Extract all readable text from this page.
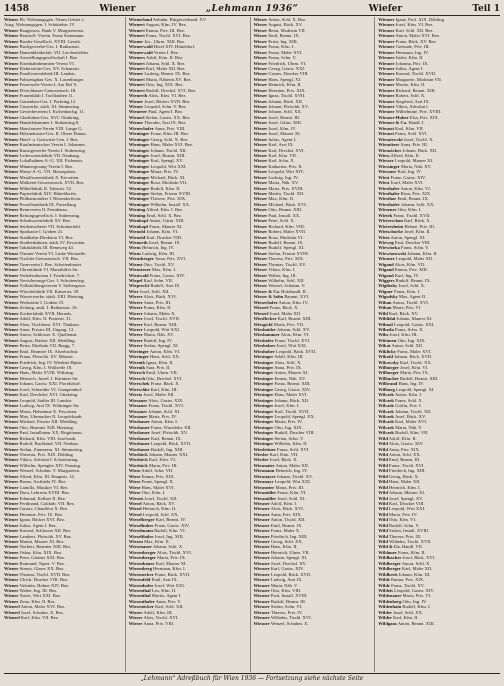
1458	Wiener	„Lehmann 1936“	Wiefer	Teil 1
Wiener Eb. Wohnungsgen. Neues Gebiet v.
Ausg. Wohnungsgen. I. Schüttelstr. IV.
Wiener Baugenoss. Bank V. Margaretenstr.
Wiener Baustoff.-Verein. Franz Steinmann
Wiener Bruder-Gesellsch. XVIII. Gersth.
Wiener Buchgewerbe-Ges. I. Rathausstr.
Wiener Damenkleiderfab. VII. Lerchenfelder
Wiener Ausstellungsgesellschaft I. Bez.
Wiener Eisenbahnbeamten-Verein VI.
Wiener Elektrizitäts-Ges. XV. Schanzstr.
Wiener Emailwarenfabrik III. Landstr.
Wiener Fahrzeugbau-Ges. X. Laxenburger.
Wiener Feuerwehr-Verein I. Am Hof 9.
Wiener Fleischhauer-Genossensch. III.
Wiener Frauenklub I. Tuchlauben 11.
Wiener Gartenbau-Ges. I. Parkring 12.
Wiener Gaswerke, städt. XI. Simmering.
Wiener Gewerbeverein I. Eschenbachg. 11.
Wiener Glashütten-Ges. XVI. Ottakring.
Wiener Handelskammer I. Stubenring 8.
Wiener Hausfrauen-Verein VIII. Lange G.
Wiener Holzindustrie-Ges. II. Obere Donau.
Wiener Hotel- u. Gastwirte-Gen. I. Bez.
Wiener Kaufmännischer Verein I. Johannes.
Wiener Kunstgewerbe-Verein I. Stubenring.
Wiener Lederwarenfabrik VII. Neubaug.
Wiener Lokalbahnen A.-G. XII. Eichenstr.
Wiener Männergesang-Verein I. Bez.
Wiener Messe A.-G. VII. Messepalast.
Wiener Metallwarenfabrik X. Favoriten.
Wiener Molkerei-Genossensch. XVII. Bez.
Wiener Möbelfabrik II. Taborstr. 52.
Wiener Papierfabrik XIV. Hütteldorfer.
Wiener Philharmoniker I. Bösendorferstr.
Wiener Porzellanfabrik IX. Porzellang.
Wiener Rennverein II. Freudenau.
Wiener Rettungsgesellsch. I. Stubenring.
Wiener Schuhwarenfabrik XV. Bez.
Wiener Seidenweberei VII. Schottenfeld.
Wiener Sparkasse I. Graben 21.
Wiener Stadtbahn-Direktion VI. Bez.
Wiener Straßenbahnen, städt. IV. Favoriten.
Wiener Tabakfabrik III. Rennweg 44.
Wiener Theater-Verein VI. Linke Wienzeile.
Wiener Tischler-Genossensch. VII. Bez.
Wiener Turnverein I. Bez. Schottenbastei.
Wiener Uhrenfabrik VI. Mariahilfer Str.
Wiener Verkehrsbureau I. Friedrichstr. 7.
Wiener Versicherungs-Ges. I. Schottenring.
Wiener Volksbildungsverein V. Stöbergasse.
Wiener Wäschefabrik VII. Kaiserstr. 38.
Wiener Wasserwerke, städt. XIII. Hietzing.
Wiener Werkstätte I. Graben 15.
Wiener Zeitung, amtl. I. Rathausstr. 16.
Wiener Zuckerfabrik XVII. Hernals.
Wiener Adolf, Kfm. II. Praterstr. 31.
Wiener Alois, Tischlerm. XVI. Thaliastr.
Wiener Anna, Private III. Ungarg. 12.
Wiener Anton, Schlosser X. Quellenstr.
Wiener August, Bäcker XII. Meidling.
Wiener Berta, Modistin VII. Burgg. 7.
Wiener Emil, Beamter IX. Alserbachstr.
Wiener Franz, Fleischh. XV. Märzstr.
Wiener Friedrich, Ing. IV. Wiedner Hptstr.
Wiener Georg, Kfm. I. Wollzeile 18.
Wiener Hans, Maler XVIII. Währing.
Wiener Heinrich, Juwel. I. Kärntner Str.
Wiener Johann, Gastw. XXI. Floridsdorf.
Wiener Josef, Schneider VI. Gumpendorf.
Wiener Karl, Drechsler XVI. Ottakring.
Wiener Leopold, Sattler III. Landstr.
Wiener Ludwig, Arzt IX. Währinger Str.
Wiener Maria, Hebamme X. Favoriten.
Wiener Max, Uhrmacher II. Leopoldstadt.
Wiener Michael, Friseur XII. Meidling.
Wiener Otto, Beamter XIII. Hietzing.
Wiener Paul, Installateur XX. Brigittenau.
Wiener Richard, Kfm. VIII. Josefstadt.
Wiener Rudolf, Buchbind. VII. Neubau.
Wiener Stefan, Zimmerm. XI. Simmering.
Wiener Theresia, Priv. XIX. Döbling.
Wiener Viktor, Advokat I. Schottenring.
Wiener Wilhelm, Spengler XIV. Penzing.
Wiener Wenzel, Schuhm. V. Margareten.
Wiener Alfred, Kfm. III. Hauptstr. 14.
Wiener Bruno, Architekt IV. Bez.
Wiener Camillo, Musiker VI. Bez.
Wiener Dora, Lehrerin XVIII. Bez.
Wiener Edmund, Kellner II. Bez.
Wiener Ferdinand, Goldarb. VII. Bez.
Wiener Gustav, Chauffeur X. Bez.
Wiener Hermine, Priv. IX. Bez.
Wiener Ignaz, Bäcker XVI. Bez.
Wiener Julius, Agent I. Bez.
Wiener Konrad, Schlosser XII. Bez.
Wiener Lambert, Fleischh. XV. Bez.
Wiener Martin, Maurer XI. Bez.
Wiener Norbert, Beamter XIII. Bez.
Wiener Oskar, Kfm. XIX. Bez.
Wiener Peter, Gärtner XXI. Bez.
Wiener Raimund, Tapez. V. Bez.
Wiener Simon, Glaser XX. Bez.
Wiener Thomas, Tischl. XVII. Bez.
Wiener Ulrich, Drucker VIII. Bez.
Wiener Valentin, Hafner XIV. Bez.
Wiener Walter, Ing. III. Bez.
Wiener Xaver, Wirt XXI. Bez.
Wiener Zeno, Kfm. II. Bez.
Wienerl Anton, Maler XVI. Bez.
Wienerl Josef, Schuhm. X. Bez.
Wienerl Karl, Kfm. VII. Bez.
Wienerland Anbahn. Bürgerverband. XV.
Wienert August, Kfm. IV. Bez.
Wienert Emma, Priv. III. Bez.
Wienert Franz, Tischl. XVI. Bez.
Wiener Jos., Uhrm. XIII. Bez.
Wienerwald Hotel XIV. Hütteldorf.
Wienerwald Verein I. Bez.
Wieners Adolf, Kfm. II. Bez.
Wienert Johann, Schl. X. Bez.
Wienert Karl, Maler XII. Bez.
Wiener Ludwig, Beamt. IX. Bez.
Wienert Maria, Näherin XV. Bez.
Wienert Otto, Ing. XIX. Bez.
Wienert Rudolf, Drechsl. XVI. Bez.
Wienerth Alois, Kfm. VI. Bez.
Wiener Josef, Bäcker XVII. Bez.
Wiener Leopold, Schn. V. Bez.
Wienerer Paul, Agent I. Bez.
Wienerl Stefan, Gastw. XX. Bez.
Wiener Theodor, Arzt IX. Bez.
Wienerhofer Anna, Priv. VIII.
Wieninger Franz, Kfm. III. Bez.
Wieninger Georg, Schl. X. Bez.
Wieninger Hans, Maler XVI. Bez.
Wieninger Johann, Tischl. XII.
Wieninger Josef, Beamt. XIII.
Wieninger Karl, Spengl. XV.
Wieninger Leopold, Wirt XXI.
Wieninger Maria, Priv. IV.
Wieninger Michael, Bäck. XI.
Wieninger Rosa, Modistin VII.
Wieninger Rudolf, Kfm. II.
Wieninger Stefan, Friseur XVIII.
Wieninger Therese, Priv. XIX.
Wieninger Wilhelm, Install. XX.
Wiening Alfred, Kfm. I. Bez.
Wiening Emil, Schl. X. Bez.
Wienkopf Anton, Gärtn. XIII.
Wienkopf Franz, Maurer XI.
Wienold Johann, Kfm. VI.
Wienold Karl, Drucker VIII.
Wienorth Josef, Beamt. IX.
Wiens Heinrich, Ing. IV.
Wiens Ludwig, Kfm. III.
Wiensberger Anna, Priv. XVI.
Wienst Otto, Tischl. XV.
Wienstroer Max, Kfm. I.
Wienwald Franz, Gastw. XIV.
Wiepel Karl, Schn. VII.
Wieprecht Rudolf, Arzt IX.
Wier Josef, Schl. XII.
Wierer Alois, Bäck. XVI.
Wierer Anna, Priv. III.
Wierer Franz, Kfm. II.
Wierer Johann, Maler X.
Wierer Josef, Tischl. XVII.
Wierer Karl, Beamt. XIII.
Wierer Leopold, Wirt XXI.
Wierer Maria, Näh. XV.
Wierer Rudolf, Ing. IV.
Wierer Stefan, Spengl. XI.
Wieringer Anton, Kfm. VI.
Wieringer Hans, Schl. XX.
Wiernik Ignaz, Kfm. II.
Wiernik Sara, Priv. II.
Wiersch Emil, Uhrm. VII.
Wiersch Otto, Drechsl. XVI.
Wierschek Franz, Bäck. X.
Wierschke Karl, Kfm. III.
Wiertz Josef, Maler XII.
Wiesauer Alois, Gastw. XIX.
Wiesauer Franz, Tischl. XVI.
Wiesauer Johann, Schl. XI.
Wiesauer Maria, Priv. IV.
Wiesbauer Anton, Kfm. I.
Wiesbauer Franz, Wurstfabr. XII.
Wiesbauer Josef, Fleischh. XV.
Wiesbauer Karl, Beamt. IX.
Wiesbauer Leopold, Bäck. XVII.
Wiesbauer Rudolf, Ing. XIII.
Wiesböck Johann, Maurer XXI.
Wiesböck Karl, Kfm. VI.
Wiesböck Maria, Priv. III.
Wiese Adolf, Schn. VII.
Wiese Emma, Priv. XIX.
Wiese Franz, Spengl. X.
Wiese Hans, Maler XVI.
Wiese Otto, Kfm. I.
Wieseis Josef, Tischl. XII.
Wiesel Anton, Bäck. XV.
Wiesel Heinrich, Kfm. II.
Wiesel Leopold, Schl. XX.
Wieselberger Karl, Beamt. IV.
Wieselhuber Franz, Gastw. XIV.
Wieselmann Rudolf, Kfm. VI.
Wieselthaler Josef, Ing. XIII.
Wiesen Max, Kfm. II.
Wiesenauer Johann, Schl. X.
Wiesenberger Alois, Tischl. XVI.
Wiesenberger Maria, Priv. IX.
Wiesenbauer Karl, Maurer XI.
Wiesenberg Hermann, Kfm. I.
Wiesenecker Franz, Bäck. XVII.
Wiesenfeld Emil, Arzt IX.
Wiesenhofer Josef, Wirt XXI.
Wiesenthal Leo, Kfm. II.
Wiesenthal Moritz, Agent I.
Wiesenthaler Anna, Priv. V.
Wiesenöcker Karl, Schl. XII.
Wieser Adolf, Kfm. III.
Wieser Alois, Tischl. XVI.
Wieser Anna, Priv. VIII.
Wieser Anton, Schl. X. Bez.
Wieser August, Bäck. XV.
Wieser Berta, Modistin VII.
Wieser Emil, Beamt. IX.
Wieser Ernst, Ing. XIII.
Wieser Franz, Kfm. I.
Wieser Franz, Maler XVI.
Wieser Franz, Schn. V.
Wieser Friedrich, Uhrm. VI.
Wieser Georg, Gastw. XXI.
Wieser Gustav, Drucker VIII.
Wieser Hans, Spengl. XI.
Wieser Heinrich, Kfm. II.
Wieser Hermine, Priv. XIX.
Wieser Ignaz, Tischl. XVII.
Wieser Johann, Bäck. XII.
Wieser Johann, Fleischh. XV.
Wieser Johann, Schl. XX.
Wieser Josef, Beamt. III.
Wieser Josef, Gärtn. XIII.
Wieser Josef, Kfm. IV.
Wieser Josef, Maurer XI.
Wieser Julius, Agent I.
Wieser Karl, Arzt IX.
Wieser Karl, Drechsl. XVI.
Wieser Karl, Kfm. VII.
Wieser Karl, Schn. X.
Wieser Katharina, Priv. II.
Wieser Leopold, Wirt XIV.
Wieser Ludwig, Ing. IV.
Wieser Maria, Näh. XV.
Wieser Maria, Priv. XVIII.
Wieser Martin, Tischl. XII.
Wieser Max, Kfm. II.
Wieser Michael, Bäck. XVI.
Wieser Otto, Beamt. XIII.
Wieser Paul, Install. XX.
Wieser Peter, Schl. X.
Wieser Richard, Kfm. VIII.
Wieser Robert, Maler XVII.
Wieser Rosa, Modistin VI.
Wieser Rudolf, Beamt. IX.
Wieser Rudolf, Spengl. XI.
Wieser Stefan, Friseur XVIII.
Wieser Therese, Priv. XIX.
Wieser Thomas, Tischl. XV.
Wieser Viktor, Kfm. I.
Wieser Walter, Ing. III.
Wieser Wilhelm, Schl. XII.
Wieser Wenzel, Schuhm. V.
Wieser & Co. Holzhandl. II.
Wieser & Sohn Bauunt. XVI.
Wieserhofer Anton, Kfm. IV.
Wieserl Franz, Bäck. X.
Wieserl Josef, Maler XII.
Wiesflecker Karl, Beamt. XIII.
Wiesgickl Maria, Priv. VII.
Wieshaider Johann, Schl. XV.
Wieshammer Alois, Kfm. VI.
Wieshofer Franz, Tischl. XVI.
Wiesholzer Josef, Wirt XXI.
Wieshuber Leopold, Bäck. XVII.
Wiesinger Adolf, Kfm. III.
Wiesinger Alois, Schl. X.
Wiesinger Anna, Priv. IX.
Wiesinger Anton, Maurer XI.
Wiesinger Emma, Näh. XV.
Wiesinger Franz, Beamt. XIII.
Wiesinger Georg, Gastw. XIV.
Wiesinger Hans, Maler XVI.
Wiesinger Johann, Bäck. XII.
Wiesinger Josef, Kfm. I.
Wiesinger Karl, Tischl. XVII.
Wiesinger Leopold, Spengl. XX.
Wiesinger Maria, Priv. IV.
Wiesinger Otto, Ing. XIX.
Wiesinger Rudolf, Drucker VIII.
Wiesinger Stefan, Schn. V.
Wiesinger Wilhelm, Kfm. II.
Wiesleitner Franz, Schl. XVI.
Wiesler Karl, Kfm. VII.
Wiesler Josef, Bäck. X.
Wiesmaier Anton, Maler XII.
Wiesmann Heinrich, Ing. IV.
Wiesmayer Johann, Tischl. XV.
Wiesmayr Leopold, Wirt XXI.
Wiesmeier Maria, Priv. III.
Wiesmüller Franz, Kfm. VI.
Wiesmüller Josef, Schl. XI.
Wiesner Adolf, Kfm. I.
Wiesner Alois, Bäck. XVI.
Wiesner Anna, Priv. XIX.
Wiesner Anton, Tischl. XII.
Wiesner Emil, Beamt. IX.
Wiesner Franz, Maler X.
Wiesner Friedrich, Ing. XIII.
Wiesner Georg, Schl. XX.
Wiesner Hans, Kfm. II.
Wiesner Heinrich, Uhrm. VII.
Wiesner Johann, Spengl. XI.
Wiesner Josef, Drechsl. XV.
Wiesner Karl, Gastw. XIV.
Wiesner Leopold, Bäck. XVII.
Wiesner Ludwig, Arzt IX.
Wiesner Maria, Näh. V.
Wiesner Otto, Kfm. VIII.
Wiesner Paul, Install. XVIII.
Wiesner Rudolf, Beamt. III.
Wiesner Stefan, Schn. VI.
Wiesner Therese, Priv. IV.
Wiesner Wilhelm, Tischl. XVI.
Wiesner Wenzel, Schuhm. X.
Wiesner Ignaz, Prof. XIX. Döbling.
Wiesner Josef, Kfm. VI. Bez.
Wiesner Karl, Schl. XII. Bez.
Wiesner Anton, Maler XVI. Bez.
Wiesner Franz, Bäck. XV. Bez.
Wiesner Gertrude, Priv. III.
Wiesner Hermann, Ing. IV.
Wiesner Isidor, Kfm. II.
Wiesner Johanna, Priv. IX.
Wiesner Julius, Agent I.
Wiesner Konrad, Tischl. XVII.
Wiesner Margarete, Modistin VII.
Wiesner Moritz, Kfm. II.
Wiesner Richard, Beamt. XIII.
Wiesner Robert, Schl. X.
Wiesner Siegfried, Arzt IX.
Wiesner Viktor, Advokat I.
Wiesner Wilhelmine, Priv. XVIII.
Wiesner-Huber Elsa, Priv. XIX.
Wiesner & Co. Handl. I.
Wiesnet Karl, Kfm. VII.
Wiesnet Franz, Schl. XVI.
Wiesniewski Josef, Tischl. X.
Wiesnitzer Anna, Priv. III.
Wiesnöcker Johann, Bäck. XII.
Wiess Alfred, Kfm. II.
Wiesser Leopold, Maurer XI.
Wiessinger Maria, Näh. XV.
Wiessner Karl, Ing. IV.
Wiest Franz, Gastw. XIV.
Wiest Josef, Maler XVI.
Wiesthaler Anton, Kfm. VI.
Wiesthaler Rosa, Priv. XIX.
Wiesthor Emil, Beamt. IX.
Wiesthofer Johann, Schl. XX.
Wieszner Otto, Kfm. I.
Wietek Franz, Tischl. XVII.
Wieterschan Karl, Bäck. X.
Wietersheim Helene, Priv. III.
Wietschorke Josef, Kfm. II.
Wietz Anton, Spengl. XI.
Wieweg Paul, Drucker VIII.
Wiewiorka Franz, Schn. V.
Wiewiorowski Johann, Kfm. II.
Wiezner Leopold, Maler XII.
Wigand Alois, Kfm. VII.
Wigand Emma, Priv. XIII.
Wigand Karl, Ing. IV.
Wiggers Rudolf, Beamt. IX.
Wiglitzky Josef, Schl. X.
Wigner Franz, Kfm. I.
Wigodsky Max, Agent II.
Wihan Anton, Tischl. XVI.
Wihan Maria, Priv. VI.
Wihl Karl, Bäck. XV.
Wihlidal Johann, Maurer XI.
Wihnal Leopold, Gastw. XXI.
Wihoda Franz, Schn. X.
Wihs Josef, Kfm. III.
Wiitanen Otto, Ing. XIX.
Wikat Anton, Schl. XII.
Wiklicky Franz, Maler XVI.
Wikotil Johann, Bäck. XVII.
Wikowsky Karl, Tischl. XX.
Wilburger Josef, Kfm. VI.
Wilburger Maria, Priv. IX.
Wilbacher Rudolf, Beamt. XIII.
Wilbrand Hans, Ing. IV.
Wilburg Leopold, Spengl. XI.
Wilczek Anton, Kfm. I.
Wilczek Franz, Schl. X.
Wilczek Gräfin, Priv. I.
Wilczek Johann, Tischl. XII.
Wilczek Josef, Bäck. XV.
Wilczek Karl, Maler XVI.
Wilczek Maria, Näh. V.
Wilczek Rudolf, Kfm. VII.
Wild Adolf, Kfm. II.
Wild Alois, Gastw. XIV.
Wild Anna, Priv. XIX.
Wild Anton, Schl. XX.
Wild Emil, Beamt. III.
Wild Franz, Tischl. XVI.
Wild Friedrich, Ing. XIII.
Wild Georg, Bäck. X.
Wild Hans, Maler XII.
Wild Heinrich, Kfm. I.
Wild Johann, Maurer XI.
Wild Josef, Spengl. XV.
Wild Karl, Drucker VIII.
Wild Leopold, Wirt XXI.
Wild Maria, Priv. IV.
Wild Otto, Kfm. VI.
Wild Rudolf, Schn. V.
Wild Stefan, Install. XVIII.
Wild Therese, Priv. IX.
Wild Wilhelm, Tischl. XVII.
Wild & Co. Handl. VII.
Wildauer Franz, Kfm. II.
Wildbacher Josef, Bäck. XVI.
Wildberger Anton, Schl. X.
Wildberger Karl, Maler XII.
Wildbrett Johann, Kfm. III.
Wilde Emma, Priv. XIX.
Wilde Franz, Tischl. XV.
Wildeis Leopold, Gastw. XIV.
Wildenauer Maria, Priv. VI.
Wildenberg Otto, Ing. IV.
Wildenhain Rudolf, Kfm. I.
Wilder Josef, Schl. XX.
Wilder Karl, Kfm. II.
Wildgans Anton, Beamt. XIII.
„Lehmann“ Adreßbuch für Wien 1936 — Fortsetzung siehe nächste Seite
